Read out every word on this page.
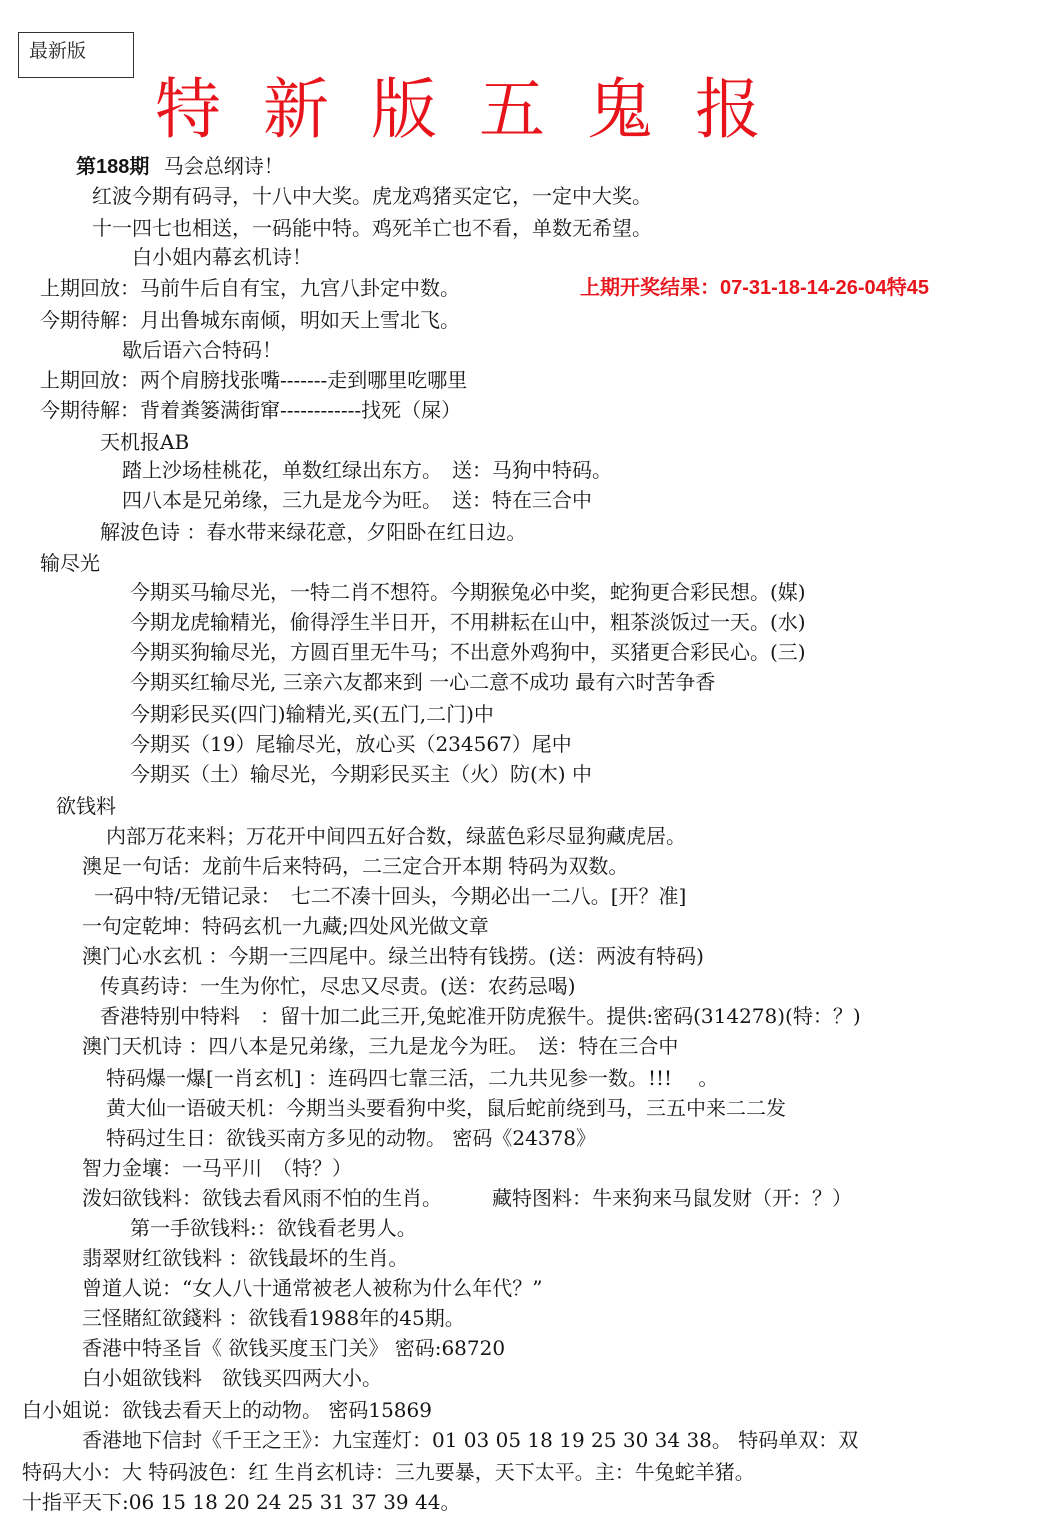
最新版
特新版五鬼报
第188期 马会总纲诗！
上期开奖结果：07-31-18-14-26-04特45
红波今期有码寻，十八中大奖。虎龙鸡猪买定它，一定中大奖。
十一四七也相送，一码能中特。鸡死羊亡也不看，单数无希望。
白小姐内幕玄机诗！
上期回放：马前牛后自有宝，九宫八卦定中数。
今期待解：月出鲁城东南倾，明如天上雪北飞。
歇后语六合特码！
上期回放：两个肩膀找张嘴-------走到哪里吃哪里
今期待解：背着粪篓满街窜------------找死（屎）
天机报AB
踏上沙场桂桃花，单数红绿出东方。　送：马狗中特码。
四八本是兄弟缘，三九是龙今为旺。　送：特在三合中
解波色诗 ：春水带来绿花意，夕阳卧在红日边。
输尽光
今期买马输尽光，一特二肖不想符。今期猴兔必中奖，蛇狗更合彩民想。(媒)
今期龙虎输精光，偷得浮生半日开，不用耕耘在山中，粗茶淡饭过一天。(水)
今期买狗输尽光，方圆百里无牛马；不出意外鸡狗中，买猪更合彩民心。(三)
今期买红输尽光, 三亲六友都来到 一心二意不成功 最有六时苦争香
今期彩民买(四门)输精光,买(五门,二门)中
今期买（19）尾输尽光，放心买（234567）尾中
今期买（土）输尽光，今期彩民买主（火）防(木) 中
欲钱料
内部万花来料；万花开中间四五好合数，绿蓝色彩尽显狗藏虎居。
澳足一句话：龙前牛后来特码，二三定合开本期 特码为双数。
一码中特/无错记录：　七二不凑十回头，今期必出一二八。[开？准]
一句定乾坤：特码玄机一九藏;四处风光做文章
澳门心水玄机 ：今期一三四尾中。绿兰出特有钱捞。(送：两波有特码)
传真药诗：一生为你忙，尽忠又尽责。(送：农药忌喝)
香港特别中特料　：留十加二此三开,兔蛇准开防虎猴牛。提供:密码(314278)(特：？)
澳门天机诗 ：四八本是兄弟缘，三九是龙今为旺。　送：特在三合中
特码爆一爆[一肖玄机] ：连码四七靠三活，二九共见参一数。!!!　 。
黄大仙一语破天机：今期当头要看狗中奖，鼠后蛇前绕到马，三五中来二二发
特码过生日：欲钱买南方多见的动物。 密码《24378》
智力金壤：一马平川　（特？）
泼妇欲钱料：欲钱去看风雨不怕的生肖。　　　藏特图料：牛来狗来马鼠发财（开：？）
第一手欲钱料:：欲钱看老男人。
翡翠财红欲钱料 ：欲钱最坏的生肖。
曾道人说：“女人八十通常被老人被称为什么年代？”
三怪賭紅欲錢料 ：欲钱看1988年的45期。
香港中特圣旨《 欲钱买度玉门关》 密码:68720
白小姐欲钱料　欲钱买四两大小。
白小姐说：欲钱去看天上的动物。 密码15869
香港地下信封《千王之王》：九宝莲灯：01 03 05 18 19 25 30 34 38。 特码单双：双
特码大小：大 特码波色：红 生肖玄机诗：三九要暴，天下太平。主：牛兔蛇羊猪。
十指平天下:06 15 18 20 24 25 31 37 39 44。
